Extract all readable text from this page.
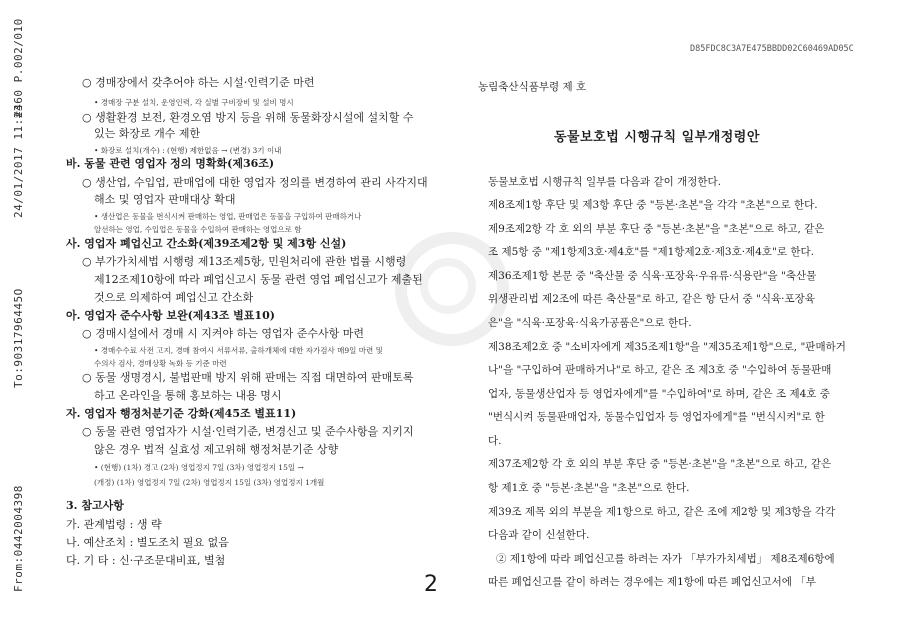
From:0442004398
To:9031796445O
24/01/2017 11:23
#460 P.002/010	D85FDC8C3A7E475BBDD02C60469AD05C
○ 경매장에서 갖추어야 하는 시설·인력기준 마련
• 경매장 구분 설치, 운영인력, 각 실별 구비장비 및 설비 명시
○ 생활환경 보전, 환경오염 방지 등을 위해 동물화장시설에 설치할 수
있는 화장로 개수 제한
• 화장로 설치(개수) : (현행) 제한없음 → (변경) 3기 이내
바. 동물 관련 영업자 정의 명확화(제36조)
○ 생산업, 수입업, 판매업에 대한 영업자 정의를 변경하여 관리 사각지대
해소 및 영업자 판매대상 확대
• 생산업은 동물을 번식시켜 판매하는 영업, 판매업은 동물을 구입하여 판매하거나
알선하는 영업, 수입업은 동물을 수입하여 판매하는 영업으로 함
사. 영업자 폐업신고 간소화(제39조제2항 및 제3항 신설)
○ 부가가치세법 시행령 제13조제5항, 민원처리에 관한 법률 시행령
제12조제10항에 따라 폐업신고시 동물 관련 영업 폐업신고가 제출된
것으로 의제하여 폐업신고 간소화
아. 영업자 준수사항 보완(제43조 별표10)
○ 경매시설에서 경매 시 지켜야 하는 영업자 준수사항 마련
• 경매수수료 사전 고지, 경매 참여시 서류서류, 출하개체에 대한 자가검사 매9일 마련 및
수의사 검사, 경매상황 녹화 등 기준 마련
○ 동물 생명경시, 불법판매 방지 위해 판매는 직접 대면하여 판매토록
하고 온라인을 통해 홍보하는 내용 명시
자. 영업자 행정처분기준 강화(제45조 별표11)
○ 동물 관련 영업자가 시설·인력기준, 변경신고 및 준수사항을 지키지
않은 경우 법적 실효성 제고위해 행정처분기준 상향
• (현행) (1차) 경고 (2차) 영업정지 7일 (3차) 영업정지 15일 →
(개정) (1차) 영업정지 7일 (2차) 영업정지 15일 (3차) 영업정지 1개월
3. 참고사항
가. 관계법령 : 생 략
나. 예산조치 : 별도조치 필요 없음
다. 기 타 : 신·구조문대비표, 별첨
2
농림축산식품부령 제 호
동물보호법 시행규칙 일부개정령안
동물보호법 시행규칙 일부를 다음과 같이 개정한다.
제8조제1항 후단 및 제3항 후단 중 "등본·초본"을 각각 "초본"으로 한다.
제9조제2항 각 호 외의 부분 후단 중 "등본·초본"을 "초본"으로 하고, 같은
조 제5항 중 "제1항제3호·제4호"를 "제1항제2호·제3호·제4호"로 한다.
제36조제1항 본문 중 "축산물 중 식육·포장육·우유류·식용란"을 "축산물
위생관리법 제2조에 따른 축산물"로 하고, 같은 항 단서 중 "식육·포장육
은"을 "식육·포장육·식육가공품은"으로 한다.
제38조제2호 중 "소비자에게 제35조제1항"을 "제35조제1항"으로, "판매하거
나"을 "구입하여 판매하거나"로 하고, 같은 조 제3호 중 "수입하여 동물판매
업자, 동물생산업자 등 영업자에게"를 "수입하여"로 하며, 같은 조 제4호 중
"번식시켜 동물판매업자, 동물수입업자 등 영업자에게"를 "번식시켜"로 한
다.
제37조제2항 각 호 외의 부분 후단 중 "등본·초본"을 "초본"으로 하고, 같은
항 제1호 중 "등본·초본"을 "초본"으로 한다.
제39조 제목 외의 부분을 제1항으로 하고, 같은 조에 제2항 및 제3항을 각각
다음과 같이 신설한다.
② 제1항에 따라 폐업신고를 하려는 자가 「부가가치세법」 제8조제6항에
따른 폐업신고를 같이 하려는 경우에는 제1항에 따른 폐업신고서에 「부
